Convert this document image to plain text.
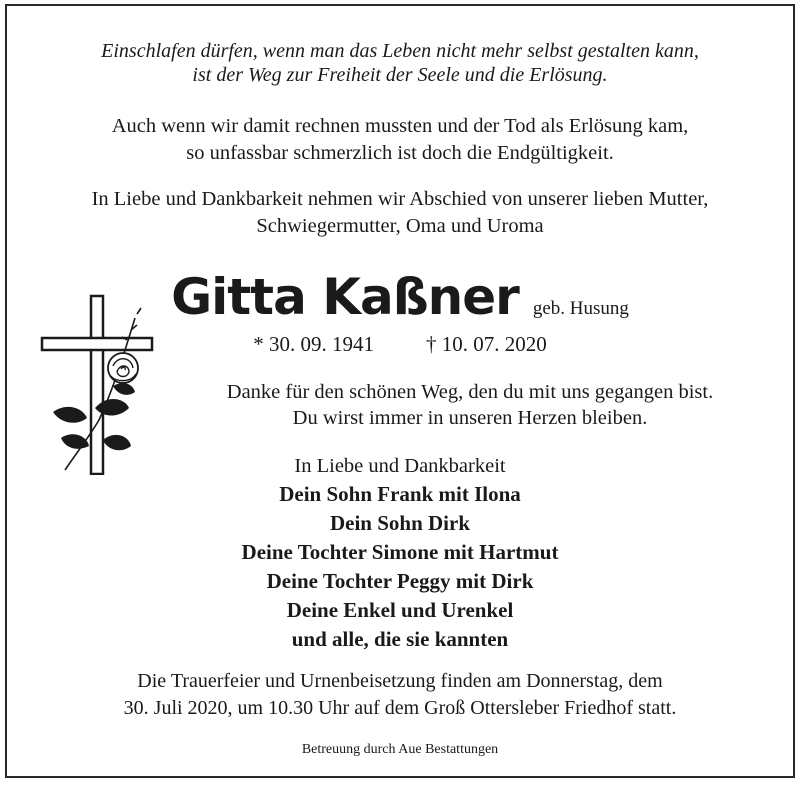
Einschlafen dürfen, wenn man das Leben nicht mehr selbst gestalten kann,
ist der Weg zur Freiheit der Seele und die Erlösung.
Auch wenn wir damit rechnen mussten und der Tod als Erlösung kam,
so unfassbar schmerzlich ist doch die Endgültigkeit.
In Liebe und Dankbarkeit nehmen wir Abschied von unserer lieben Mutter,
Schwiegermutter, Oma und Uroma
Gitta Kaßner geb. Husung
* 30. 09. 1941 † 10. 07. 2020
Danke für den schönen Weg, den du mit uns gegangen bist.
Du wirst immer in unseren Herzen bleiben.
In Liebe und Dankbarkeit
Dein Sohn Frank mit Ilona
Dein Sohn Dirk
Deine Tochter Simone mit Hartmut
Deine Tochter Peggy mit Dirk
Deine Enkel und Urenkel
und alle, die sie kannten
Die Trauerfeier und Urnenbeisetzung finden am Donnerstag, dem
30. Juli 2020, um 10.30 Uhr auf dem Groß Ottersleber Friedhof statt.
Betreuung durch Aue Bestattungen
